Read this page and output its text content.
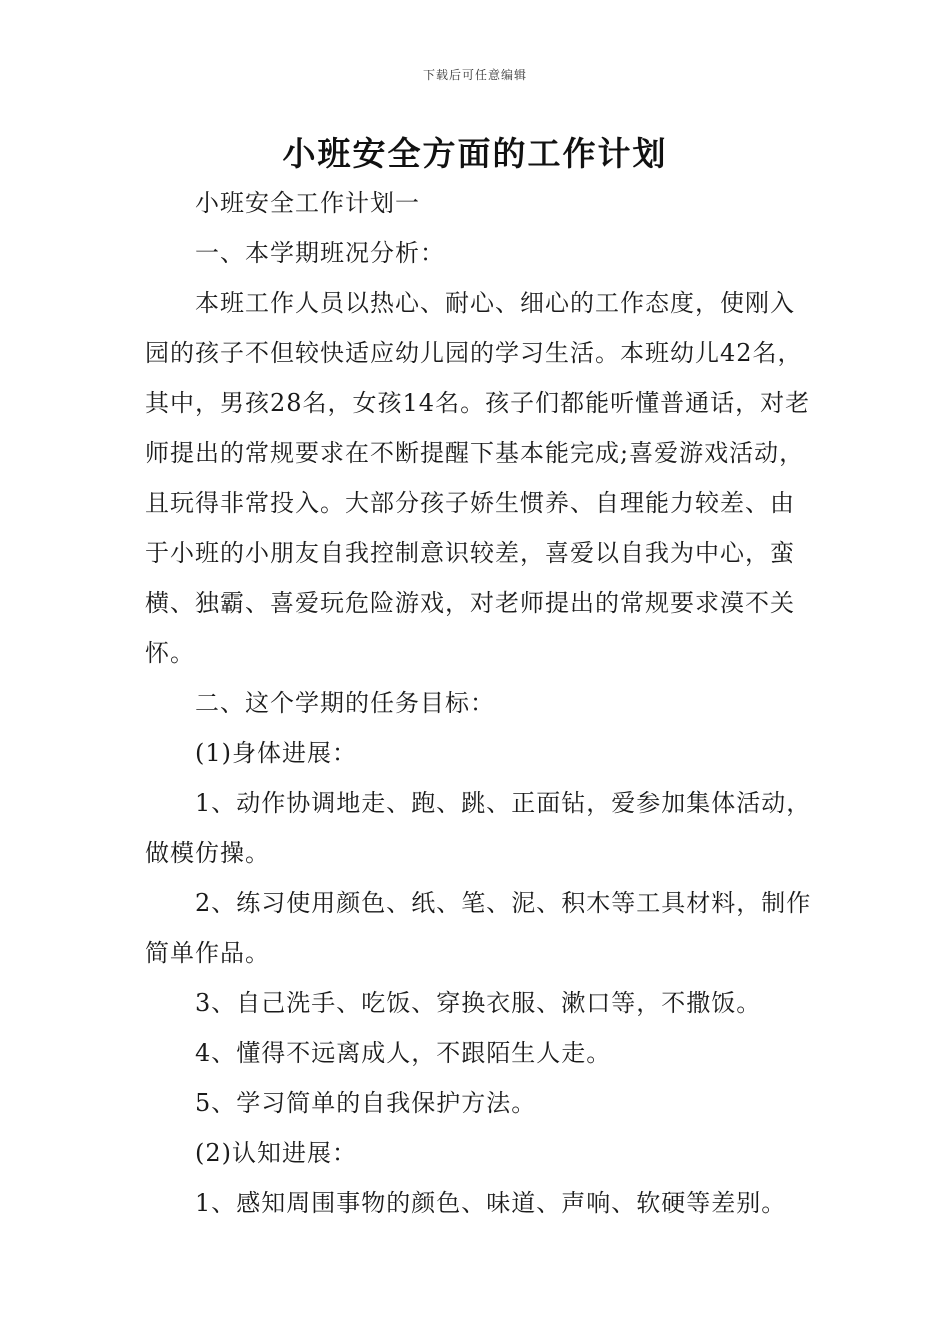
下载后可任意编辑
小班安全方面的工作计划

小班安全工作计划一

一、本学期班况分析：

本班工作人员以热心、耐心、细心的工作态度，使刚入园的孩子不但较快适应幼儿园的学习生活。本班幼儿42名，其中，男孩28名，女孩14名。孩子们都能听懂普通话，对老师提出的常规要求在不断提醒下基本能完成;喜爱游戏活动，且玩得非常投入。大部分孩子娇生惯养、自理能力较差、由于小班的小朋友自我控制意识较差，喜爱以自我为中心，蛮横、独霸、喜爱玩危险游戏，对老师提出的常规要求漠不关怀。

二、这个学期的任务目标：

(1)身体进展：

1、动作协调地走、跑、跳、正面钻，爱参加集体活动，做模仿操。

2、练习使用颜色、纸、笔、泥、积木等工具材料，制作简单作品。

3、自己洗手、吃饭、穿换衣服、漱口等，不撒饭。

4、懂得不远离成人，不跟陌生人走。

5、学习简单的自我保护方法。

(2)认知进展：

1、感知周围事物的颜色、味道、声响、软硬等差别。
